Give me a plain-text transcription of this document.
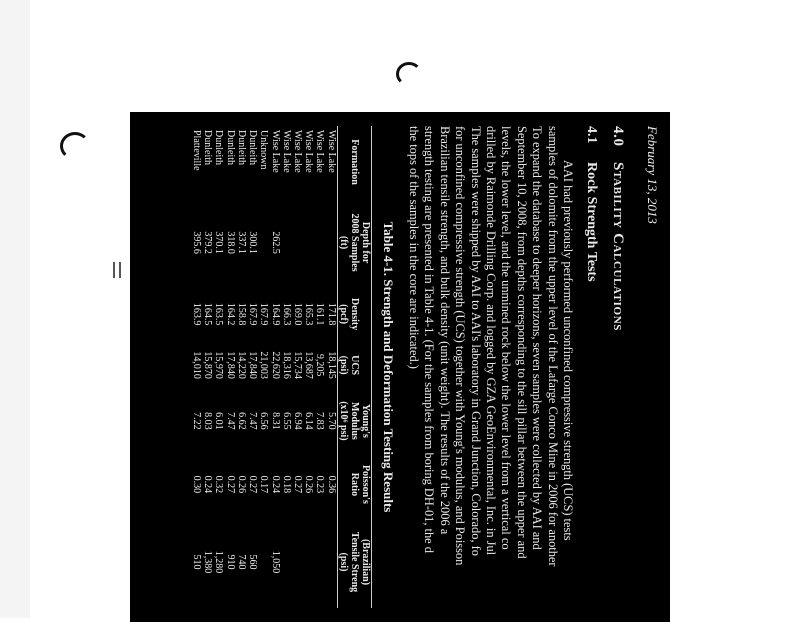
February 13, 2013
4.0Stability Calculations
4.1Rock Strength Tests
AAI had previously performed unconfined compressive strength (UCS) tests
samples of dolomite from the upper level of the Lafarge Conco Mine in 2006 for another
To expand the database to deeper horizons, seven samples were collected by AAI and
September 10, 2008, from depths corresponding to the sill pillar between the upper and
levels, the lower level, and the unmined rock below the lower level from a vertical co
drilled by Raimonde Drilling Corp. and logged by GZA GeoEnvironmental, Inc. in Jul
The samples were shipped by AAI to AAI's laboratory in Grand Junction, Colorado, fo
for unconfined compressive strength (UCS) together with Young's modulus, and Poisson
Brazilian tensile strength, and bulk density (unit weight). The results of the 2006 a
strength testing are presented in Table 4-1. (For the samples from boring DH-01, the d
the tops of the samples in the core are indicated.)
Table 4-1. Strength and Deformation Testing Results
	Depth for			Young's	Poisson's	(Brazilian)
Formation	2008 Samples	Density	UCS	Modulus	Ratio	Tensile Streng
	(ft)	(pcf)	(psi)	(x10⁶ psi)		(psi)
Wise Lake		171.8	18,145	5.70	0.36	
Wise Lake		161.1	9,205	7.83	0.23	
Wise Lake		165.3	13,687	6.14	0.26	
Wise Lake		169.0	15,734	6.94	0.27	
Wise Lake		166.3	18,316	6.55	0.18	
Wise Lake	262.5	164.9	22,620	8.31	0.24	1,050
Unknown		167.9	21,003	6.56	0.17	
Dunleith	300.1	167.9	17,840	7.47	0.27	560
Dunleith	337.1	158.8	14,220	6.62	0.26	740
Dunleith	318.0	164.2	17,840	7.47	0.27	910
Dunleith	370.1	163.5	15,970	6.01	0.32	1,280
Dunleith	379.2	164.5	15,870	8.03	0.24	1,380
Platteville	395.6	163.9	14,010	7.22	0.30	510
